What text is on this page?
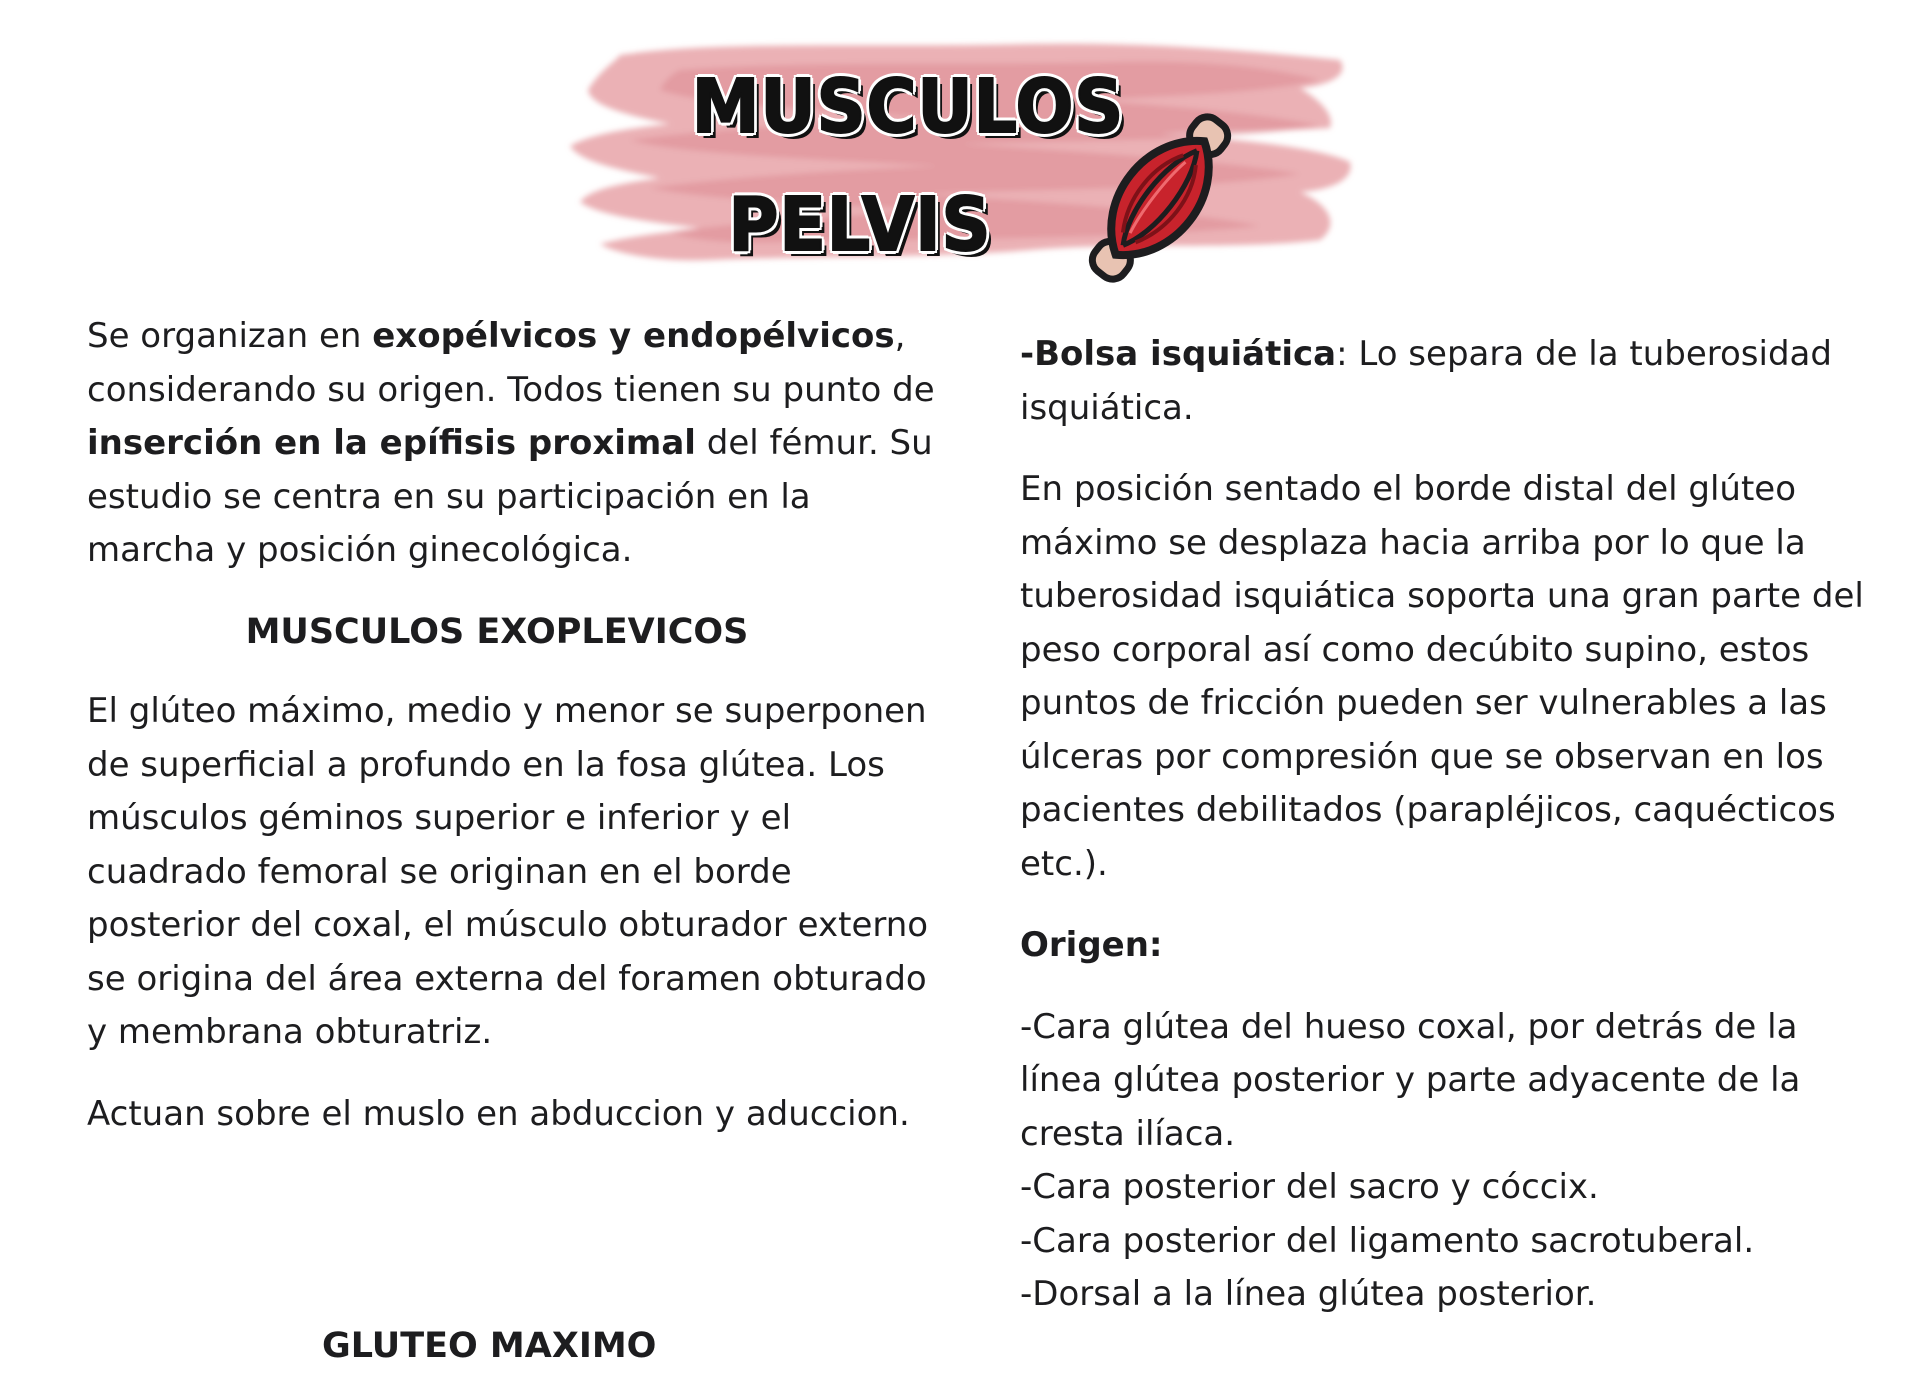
MUSCULOS
PELVIS

Se organizan en exopélvicos y endopélvicos, considerando su origen. Todos tienen su punto de inserción en la epífisis proximal del fémur. Su estudio se centra en su participación en la marcha y posición ginecológica.

MUSCULOS EXOPLEVICOS

El glúteo máximo, medio y menor se superponen de superficial a profundo en la fosa glútea. Los músculos géminos superior e inferior y el cuadrado femoral se originan en el borde posterior del coxal, el músculo obturador externo se origina del área externa del foramen obturado y membrana obturatriz.

Actuan sobre el muslo en abduccion y aduccion.

GLUTEO MAXIMO

-Bolsa isquiática: Lo separa de la tuberosidad isquiática.

En posición sentado el borde distal del glúteo máximo se desplaza hacia arriba por lo que la tuberosidad isquiática soporta una gran parte del peso corporal así como decúbito supino, estos puntos de fricción pueden ser vulnerables a las úlceras por compresión que se observan en los pacientes debilitados (parapléjicos, caquécticos etc.).

Origen:

-Cara glútea del hueso coxal, por detrás de la línea glútea posterior y parte adyacente de la cresta ilíaca.
-Cara posterior del sacro y cóccix.
-Cara posterior del ligamento sacrotuberal.
-Dorsal a la línea glútea posterior.
